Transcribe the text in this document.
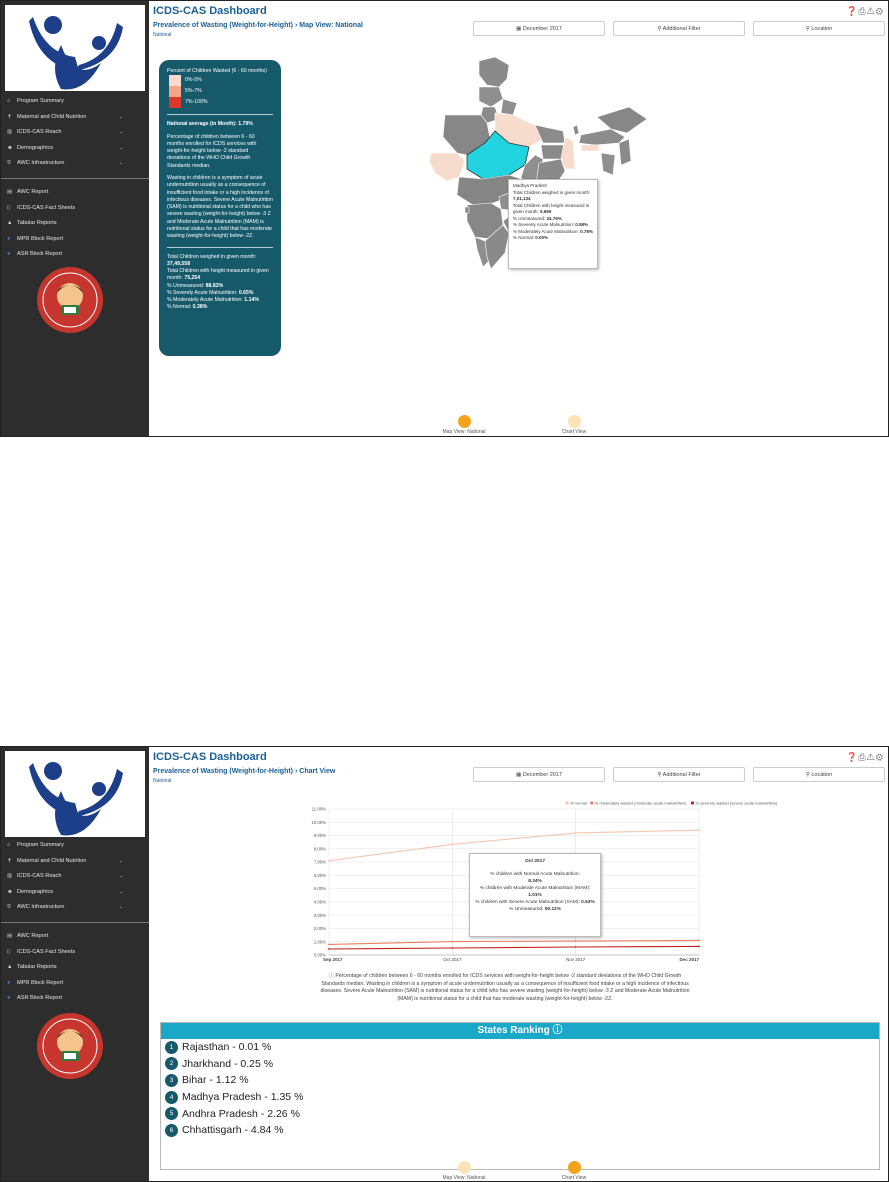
⌂ Program Summary
✝ Maternal and Child Nutrition	⌄
▥ ICDS-CAS Reach	⌄
☻ Demographics	⌄
⚲ AWC Infrastructure	⌄
▤ AWC Report
▯ ICDS-CAS Fact Sheets
▲ Tabular Reports
● MPR Block Report
● ASR Block Report
ICDS-CAS Dashboard	❓⎙⚠⚙
Prevalence of Wasting (Weight-for-Height) › Map View: National
National
▦ December 2017	⚲ Additional Filter	⚲ Location
Percent of Children Wasted (6 - 60 months)
0%-5%
5%-7%
7%-100%
National average (in Month): 1.79%
Percentage of children between 6 - 60 months enrolled for ICDS services with weight-for-height below -2 standard deviations of the WHO Child Growth Standards median.
Wasting in children is a symptom of acute undernutrition usually as a consequence of insufficient food intake or a high incidence of infectious diseases. Severe Acute Malnutrition (SAM) is nutritional status for a child who has severe wasting (weight-for-height) below -3 Z and Moderate Acute Malnutrition (MAM) is nutritional status for a child that has moderate wasting (weight-for-height) below -2Z.
Total Children weighed in given month:
37,49,558
Total Children with height measured in given month: 75,254
% Unmeasured: 88.83%
% Severely Acute Malnutrition: 0.65%
% Moderately Acute Malnutrition: 1.14%
% Normal: 0.38%
Madhya Pradesh
Total Children weighed in given month: 7,01,134
Total Children with height measured in given month: 9,669
% Unmeasured: 34.76%
% Severely Acute Malnutrition: 0.58%
% Moderately Acute Malnutrition: 0.78%
% Normal: 0.00%
Map View: National	Chart View
⌂ Program Summary
✝ Maternal and Child Nutrition	⌄
▥ ICDS-CAS Reach	⌄
☻ Demographics	⌄
⚲ AWC Infrastructure	⌄
▤ AWC Report
▯ ICDS-CAS Fact Sheets
▲ Tabular Reports
● MPR Block Report
● ASR Block Report
ICDS-CAS Dashboard	❓⎙⚠⚙
Prevalence of Wasting (Weight-for-Height) › Chart View
National
▦ December 2017	⚲ Additional Filter	⚲ Location
0.00%
1.00%
2.00%
3.00%
4.00%
5.00%
6.00%
7.00%
8.00%
9.00%
10.00%
11.00%
Sep 2017	Oct 2017	Nov 2017	Dec 2017
% normal % moderately wasted (moderate acute malnutrition) % severely wasted (severe acute malnutrition)
Oct 2017
% children with Normal Acute Malnutrition:
8.34%
% children with Moderate Acute Malnutrition (MAM): 1.01%
% children with Severe Acute Malnutrition (SAM): 0.53%
% Unmeasured: 90.11%
ⓘ Percentage of children between 6 - 60 months enrolled for ICDS services with weight-for-height below -2 standard deviations of the WHO Child Growth Standards median. Wasting in children is a symptom of acute undernutrition usually as a consequence of insufficient food intake or a high incidence of infectious diseases. Severe Acute Malnutrition (SAM) is nutritional status for a child who has severe wasting (weight-for-height) below -3 Z and Moderate Acute Malnutrition (MAM) is nutritional status for a child that has moderate wasting (weight-for-height) below -2Z.
States Ranking ⓘ
1 Rajasthan - 0.01 %
2 Jharkhand - 0.25 %
3 Bihar - 1.12 %
4 Madhya Pradesh - 1.35 %
5 Andhra Pradesh - 2.26 %
6 Chhattisgarh - 4.84 %
Map View: National	Chart View
